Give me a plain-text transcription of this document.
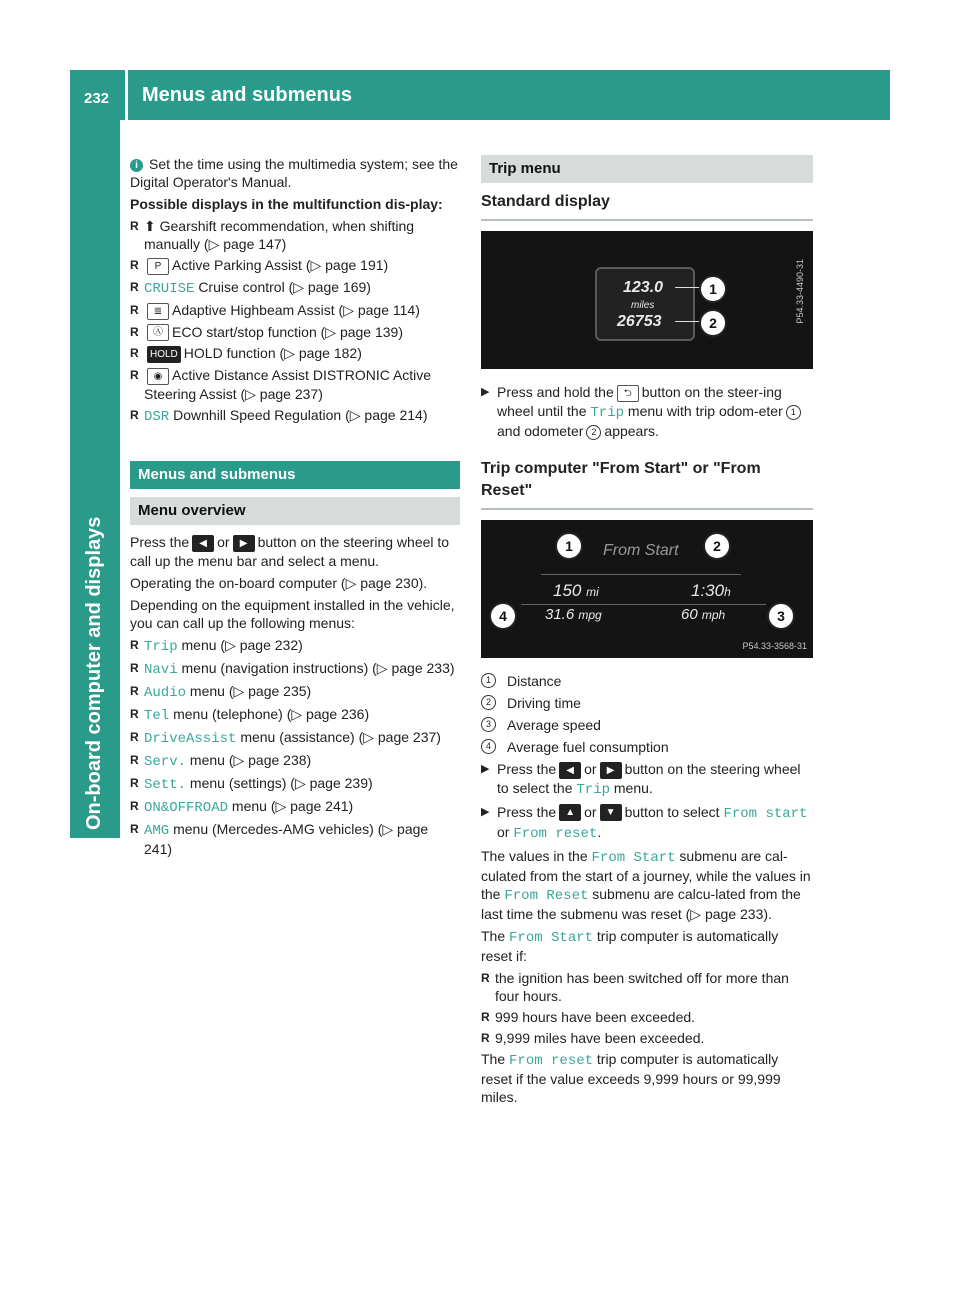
232 Menus and submenus
On-board computer and displays

i Set the time using the multimedia system; see the Digital Operator's Manual.

Possible displays in the multifunction dis-play:

R ⬆ Gearshift recommendation, when shifting manually (▷ page 147)
R P Active Parking Assist (▷ page 191)
R CRUISE Cruise control (▷ page 169)
R ≣ Adaptive Highbeam Assist (▷ page 114)
R Ⓐ ECO start/stop function (▷ page 139)
R HOLD HOLD function (▷ page 182)
R ◉ Active Distance Assist DISTRONIC Active Steering Assist (▷ page 237)
R DSR Downhill Speed Regulation (▷ page 214)
Menus and submenus
Menu overview

Press the ◀ or ▶ button on the steering wheel to call up the menu bar and select a menu.

Operating the on-board computer (▷ page 230).

Depending on the equipment installed in the vehicle, you can call up the following menus:

R Trip menu (▷ page 232)
R Navi menu (navigation instructions) (▷ page 233)
R Audio menu (▷ page 235)
R Tel menu (telephone) (▷ page 236)
R DriveAssist menu (assistance) (▷ page 237)
R Serv. menu (▷ page 238)
R Sett. menu (settings) (▷ page 239)
R ON&OFFROAD menu (▷ page 241)
R AMG menu (Mercedes-AMG vehicles) (▷ page 241)
Trip menu
Standard display
123.0
miles
26753
1
2	P54.33-4490-31

▶ Press and hold the ⮌ button on the steer-ing wheel until the Trip menu with trip odom-eter 1and odometer 2 appears.

Trip computer "From Start" or "From Reset"
From Start
150 mi	1:30h
31.6 mpg	60 mph
1	2
3
4
P54.33-3568-31

1	Distance

2	Driving time

3	Average speed

4	Average fuel consumption

▶ Press the ◀ or ▶ button on the steering wheel to select the Trip menu.

▶ Press the ▲ or ▼ button to select From start or From reset.

The values in the From Start submenu are cal-culated from the start of a journey, while the values in the From Reset submenu are calcu-lated from the last time the submenu was reset (▷ page 233).

The From Start trip computer is automatically reset if:

R the ignition has been switched off for more than four hours.
R 999 hours have been exceeded.
R 9,999 miles have been exceeded.

The From reset trip computer is automatically reset if the value exceeds 9,999 hours or 99,999 miles.
